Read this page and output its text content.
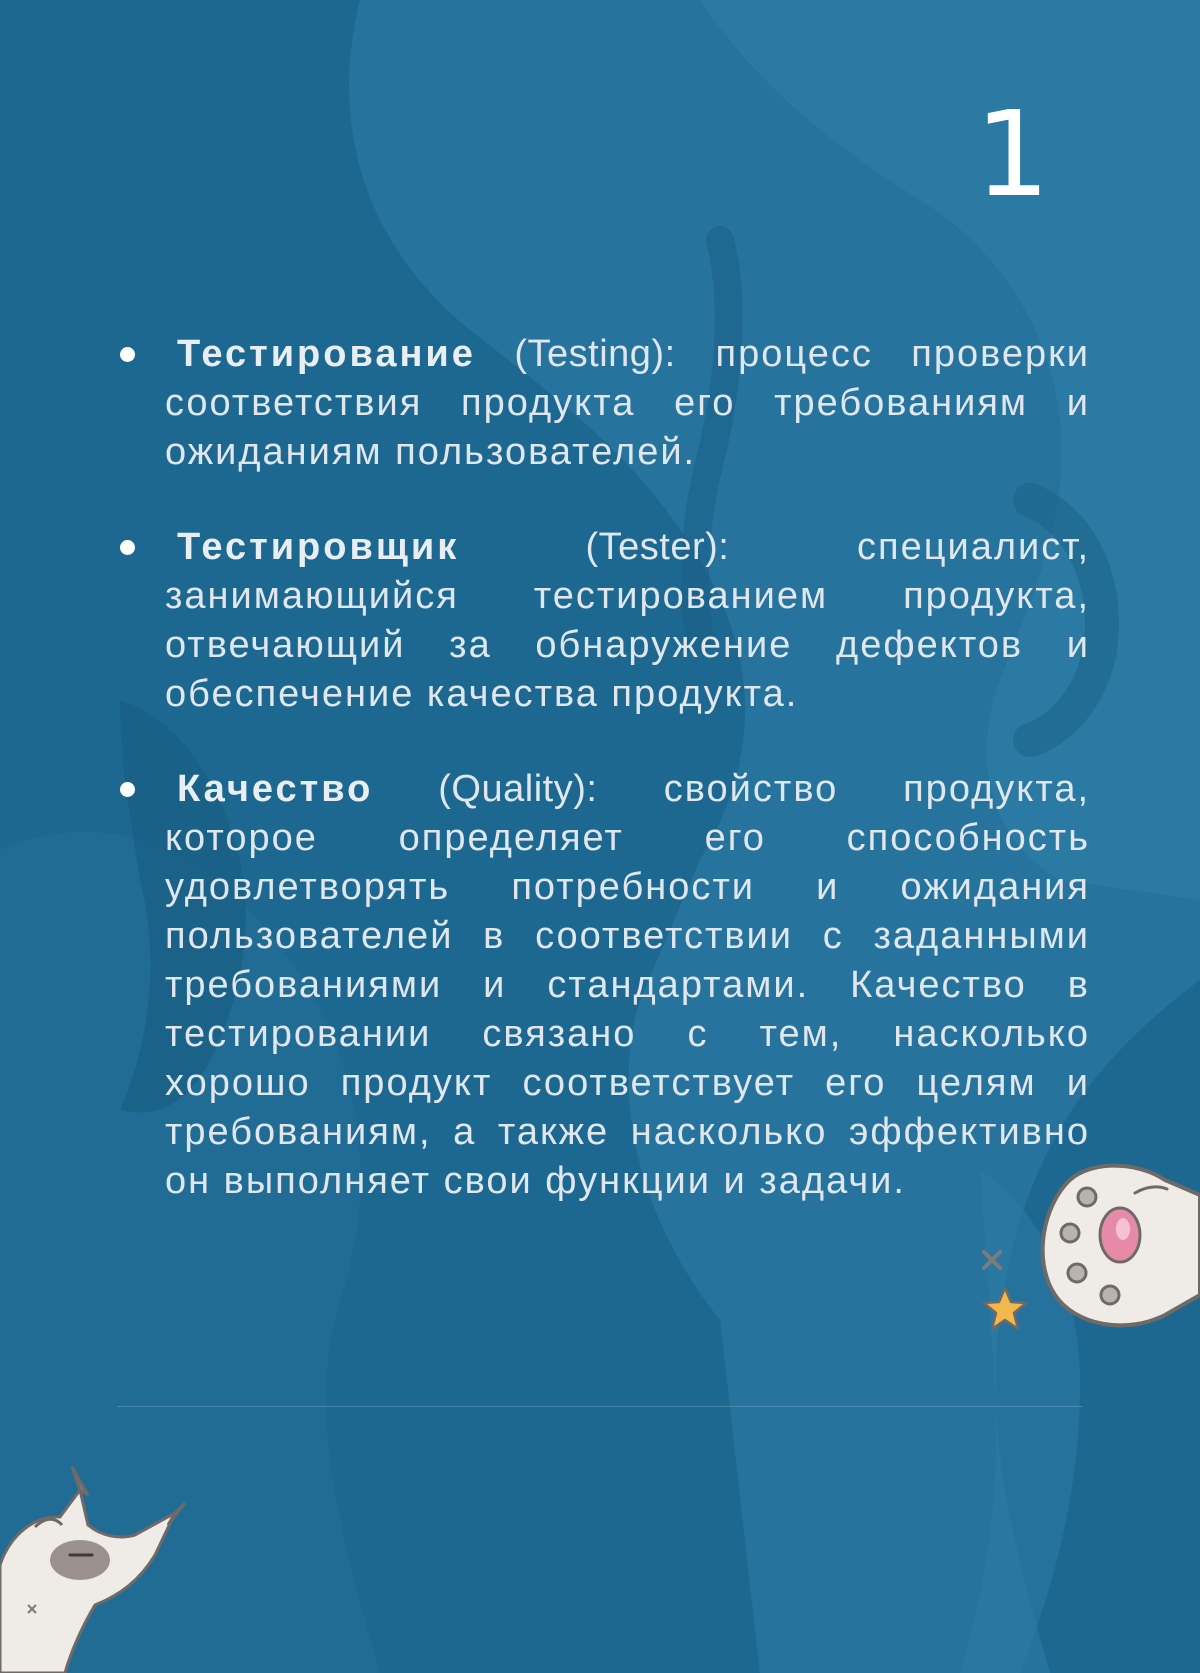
1
Тестирование (Testing): процесс проверки соответствия продукта его требованиям и ожиданиям пользователей.
Тестировщик	(Tester): специалист, занимающийся тестированием продукта, отвечающий за обнаружение дефектов и обеспечение качества продукта.
Качество (Quality): свойство продукта, которое определяет его способность удовлетворять потребности и ожидания пользователей в соответствии с заданными требованиями и стандартами. Качество в тестировании связано с тем, насколько хорошо продукт соответствует его целям и требованиям, а также насколько эффективно он выполняет свои функции и задачи.
